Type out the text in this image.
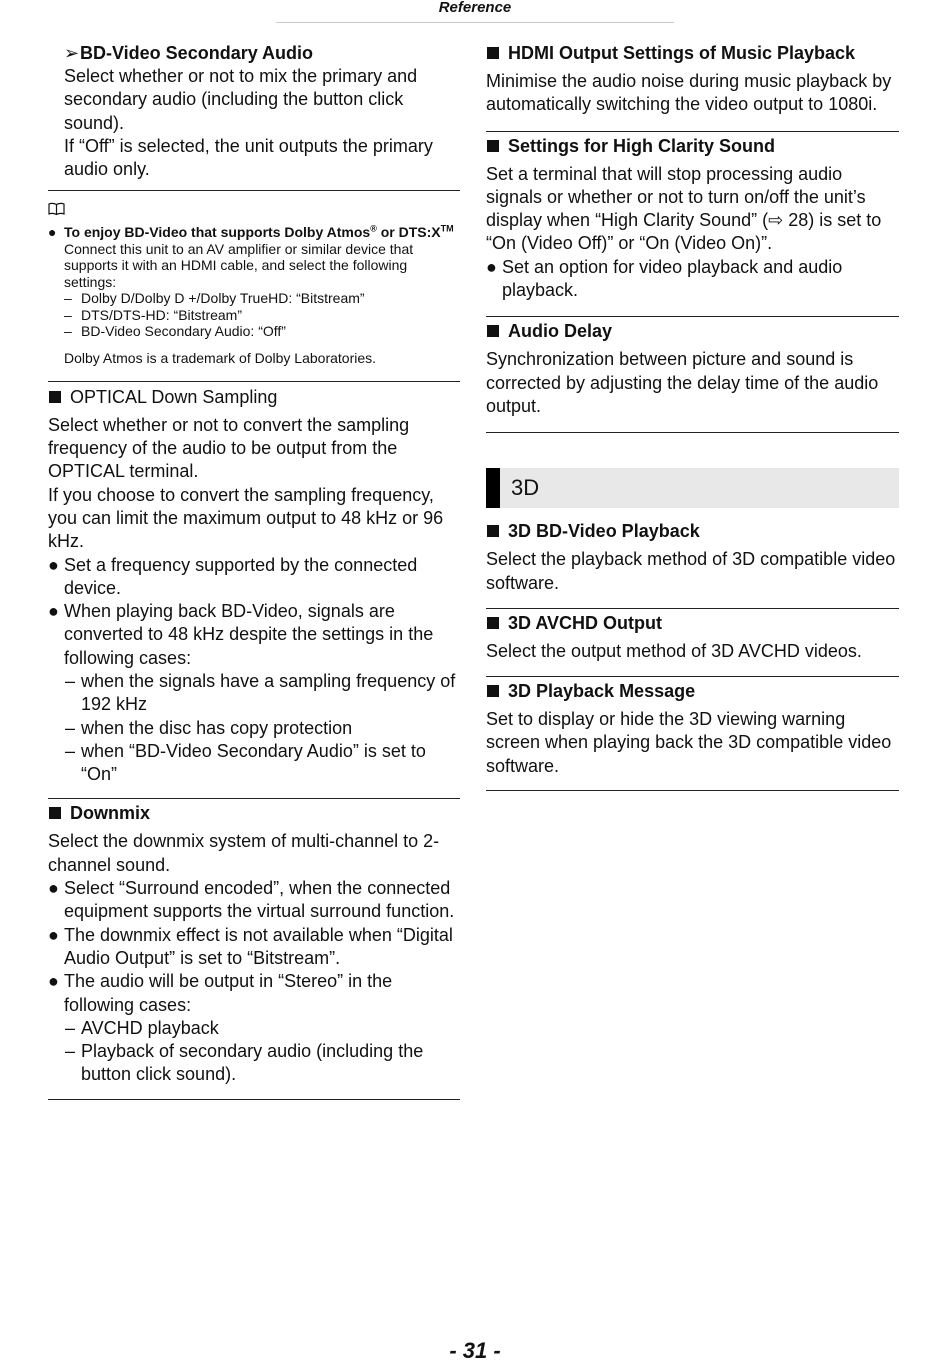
Reference
➢ BD-Video Secondary Audio
Select whether or not to mix the primary and secondary audio (including the button click sound).
If “Off” is selected, the unit outputs the primary audio only.
● To enjoy BD-Video that supports Dolby Atmos® or DTS:X™
Connect this unit to an AV amplifier or similar device that supports it with an HDMI cable, and select the following settings:
– Dolby D/Dolby D +/Dolby TrueHD: “Bitstream”
– DTS/DTS-HD: “Bitstream”
– BD-Video Secondary Audio: “Off”
Dolby Atmos is a trademark of Dolby Laboratories.
OPTICAL Down Sampling
Select whether or not to convert the sampling frequency of the audio to be output from the OPTICAL terminal.
If you choose to convert the sampling frequency, you can limit the maximum output to 48 kHz or 96 kHz.
● Set a frequency supported by the connected device.
● When playing back BD-Video, signals are converted to 48 kHz despite the settings in the following cases:
– when the signals have a sampling frequency of 192 kHz
– when the disc has copy protection
– when “BD-Video Secondary Audio” is set to “On”
Downmix
Select the downmix system of multi-channel to 2-channel sound.
● Select “Surround encoded”, when the connected equipment supports the virtual surround function.
● The downmix effect is not available when “Digital Audio Output” is set to “Bitstream”.
● The audio will be output in “Stereo” in the following cases:
– AVCHD playback
– Playback of secondary audio (including the button click sound).
HDMI Output Settings of Music Playback
Minimise the audio noise during music playback by automatically switching the video output to 1080i.
Settings for High Clarity Sound
Set a terminal that will stop processing audio signals or whether or not to turn on/off the unit’s display when “High Clarity Sound” (⇨ 28) is set to “On (Video Off)” or “On (Video On)”.
● Set an option for video playback and audio playback.
Audio Delay
Synchronization between picture and sound is corrected by adjusting the delay time of the audio output.
3D
3D BD-Video Playback
Select the playback method of 3D compatible video software.
3D AVCHD Output
Select the output method of 3D AVCHD videos.
3D Playback Message
Set to display or hide the 3D viewing warning screen when playing back the 3D compatible video software.
- 31 -
